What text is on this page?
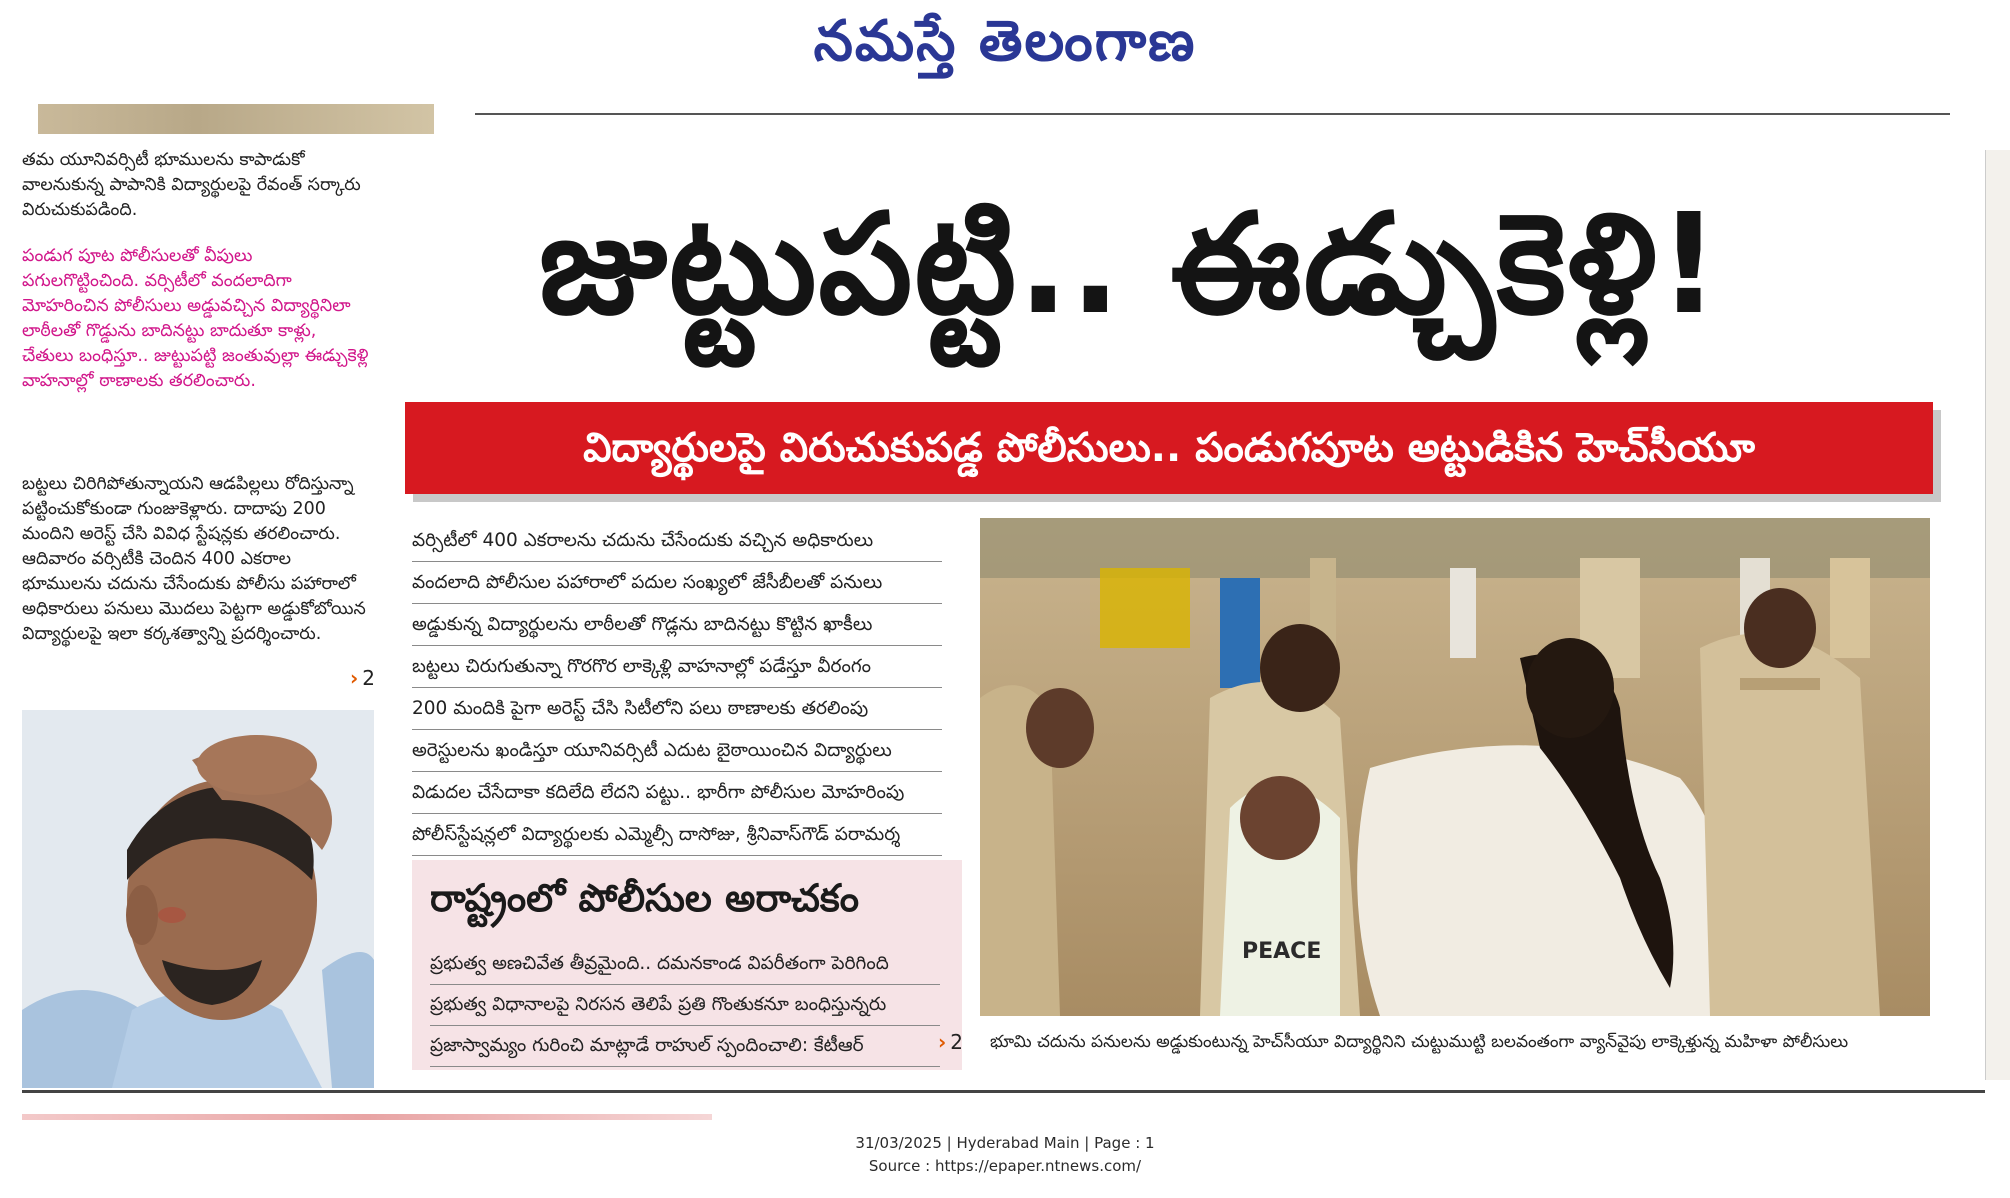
నమస్తే తెలంగాణ
తమ యూనివర్సిటీ భూములను కాపాడుకో వాలనుకున్న పాపానికి విద్యార్థులపై రేవంత్ సర్కారు విరుచుకుపడింది.
పండుగ పూట పోలీసులతో వీపులు పగులగొట్టించింది. వర్సిటీలో వందలాదిగా మోహరించిన పోలీసులు అడ్డువచ్చిన విద్యార్థినిలా లాఠీలతో గొడ్డును బాదినట్టు బాదుతూ కాళ్లు, చేతులు బంధిస్తూ.. జుట్టుపట్టి జంతువుల్లా ఈడ్చుకెళ్లి వాహనాల్లో ఠాణాలకు తరలించారు.
బట్టలు చిరిగిపోతున్నాయని ఆడపిల్లలు రోదిస్తున్నా పట్టించుకోకుండా గుంజుకెళ్లారు. దాదాపు 200 మందిని అరెస్ట్ చేసి వివిధ స్టేషన్లకు తరలించారు. ఆదివారం వర్సిటీకి చెందిన 400 ఎకరాల భూములను చదును చేసేందుకు పోలీసు పహారాలో అధికారులు పనులు మొదలు పెట్టగా అడ్డుకోబోయిన విద్యార్థులపై ఇలా కర్కశత్వాన్ని ప్రదర్శించారు.
› 2
జుట్టుపట్టి.. ఈడ్చుకెళ్లి!
విద్యార్థులపై విరుచుకుపడ్డ పోలీసులు.. పండుగపూట అట్టుడికిన హెచ్‌సీయూ
వర్సిటీలో 400 ఎకరాలను చదును చేసేందుకు వచ్చిన అధికారులు
వందలాది పోలీసుల పహారాలో పదుల సంఖ్యలో జేసీబీలతో పనులు
అడ్డుకున్న విద్యార్థులను లాఠీలతో గొడ్లను బాదినట్టు కొట్టిన ఖాకీలు
బట్టలు చిరుగుతున్నా గొరగొర లాక్కెళ్లి వాహనాల్లో పడేస్తూ వీరంగం
200 మందికి పైగా అరెస్ట్ చేసి సిటీలోని పలు ఠాణాలకు తరలింపు
అరెస్టులను ఖండిస్తూ యూనివర్సిటీ ఎదుట బైఠాయించిన విద్యార్థులు
విడుదల చేసేదాకా కదిలేది లేదని పట్టు.. భారీగా పోలీసుల మోహరింపు
పోలీస్‌స్టేషన్లలో విద్యార్థులకు ఎమ్మెల్సీ దాసోజు, శ్రీనివాస్‌గౌడ్ పరామర్శ
రాష్ట్రంలో పోలీసుల అరాచకం
ప్రభుత్వ అణచివేత తీవ్రమైంది.. దమనకాండ విపరీతంగా పెరిగింది
ప్రభుత్వ విధానాలపై నిరసన తెలిపే ప్రతి గొంతుకనూ బంధిస్తున్నరు
ప్రజాస్వామ్యం గురించి మాట్లాడే రాహుల్ స్పందించాలి: కేటీఆర్	› 2
PEACE
భూమి చదును పనులను అడ్డుకుంటున్న హెచ్‌సీయూ విద్యార్థినిని చుట్టుముట్టి బలవంతంగా వ్యాన్‌వైపు లాక్కెళ్తున్న మహిళా పోలీసులు
31/03/2025 | Hyderabad Main | Page : 1
Source : https://epaper.ntnews.com/
